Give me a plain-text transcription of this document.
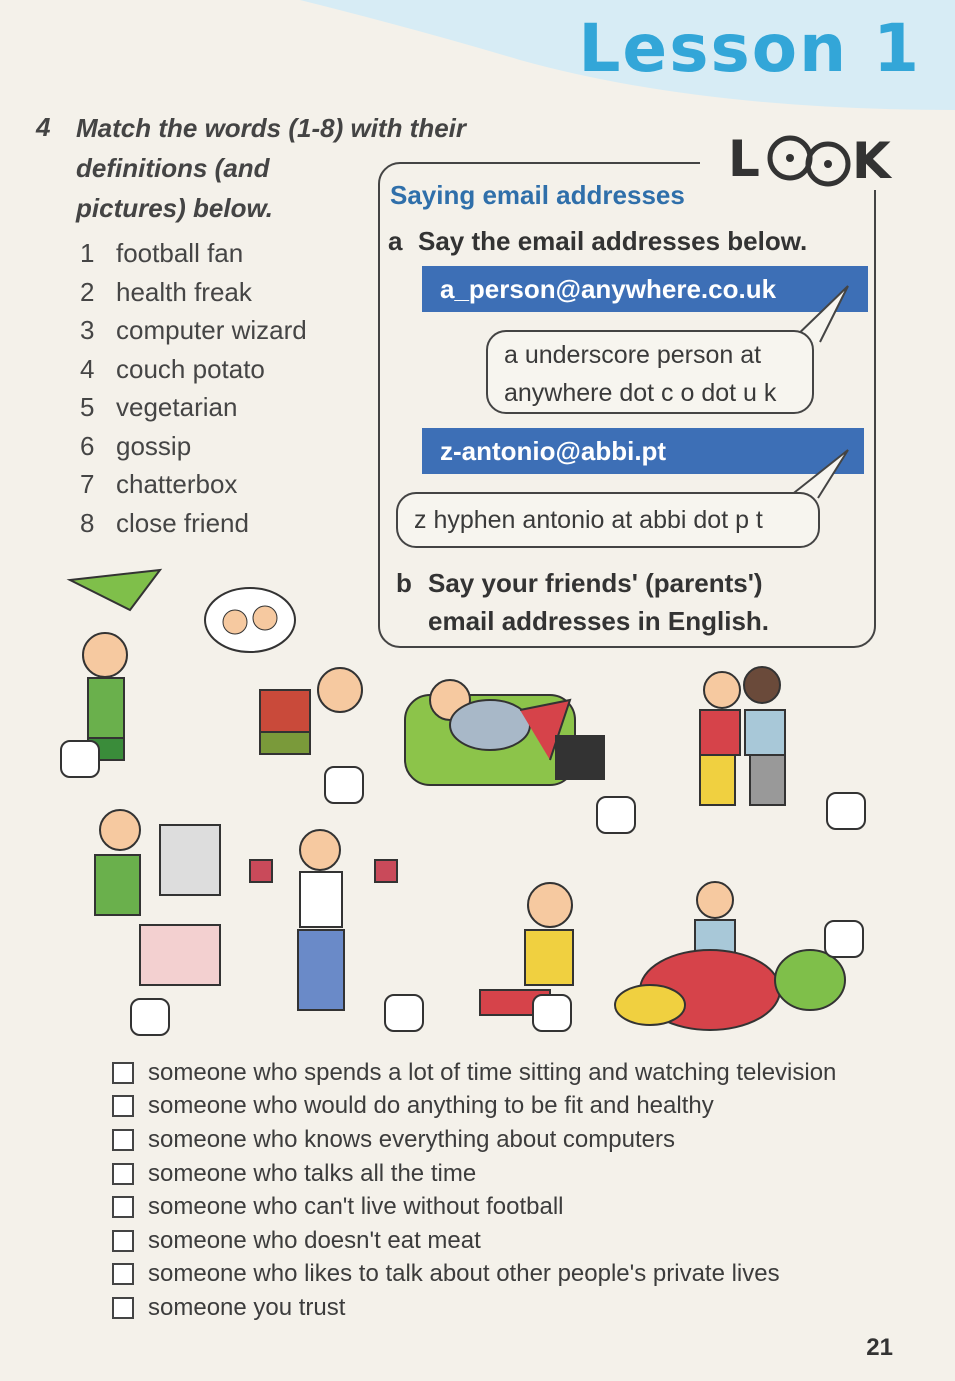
Lesson 1
4 Match the words (1-8) with their
definitions (and
pictures) below.
1 football fan
2 health freak
3 computer wizard
4 couch potato
5 vegetarian
6 gossip
7 chatterbox
8 close friend
L K
Saying email addresses
a Say the email addresses below.
a_person@anywhere.co.uk
a underscore person at
anywhere dot c o dot u k
z-antonio@abbi.pt
z hyphen antonio at abbi dot p t
b Say your friends' (parents')
email addresses in English.
someone who spends a lot of time sitting and watching television
someone who would do anything to be fit and healthy
someone who knows everything about computers
someone who talks all the time
someone who can't live without football
someone who doesn't eat meat
someone who likes to talk about other people's private lives
someone you trust
21
